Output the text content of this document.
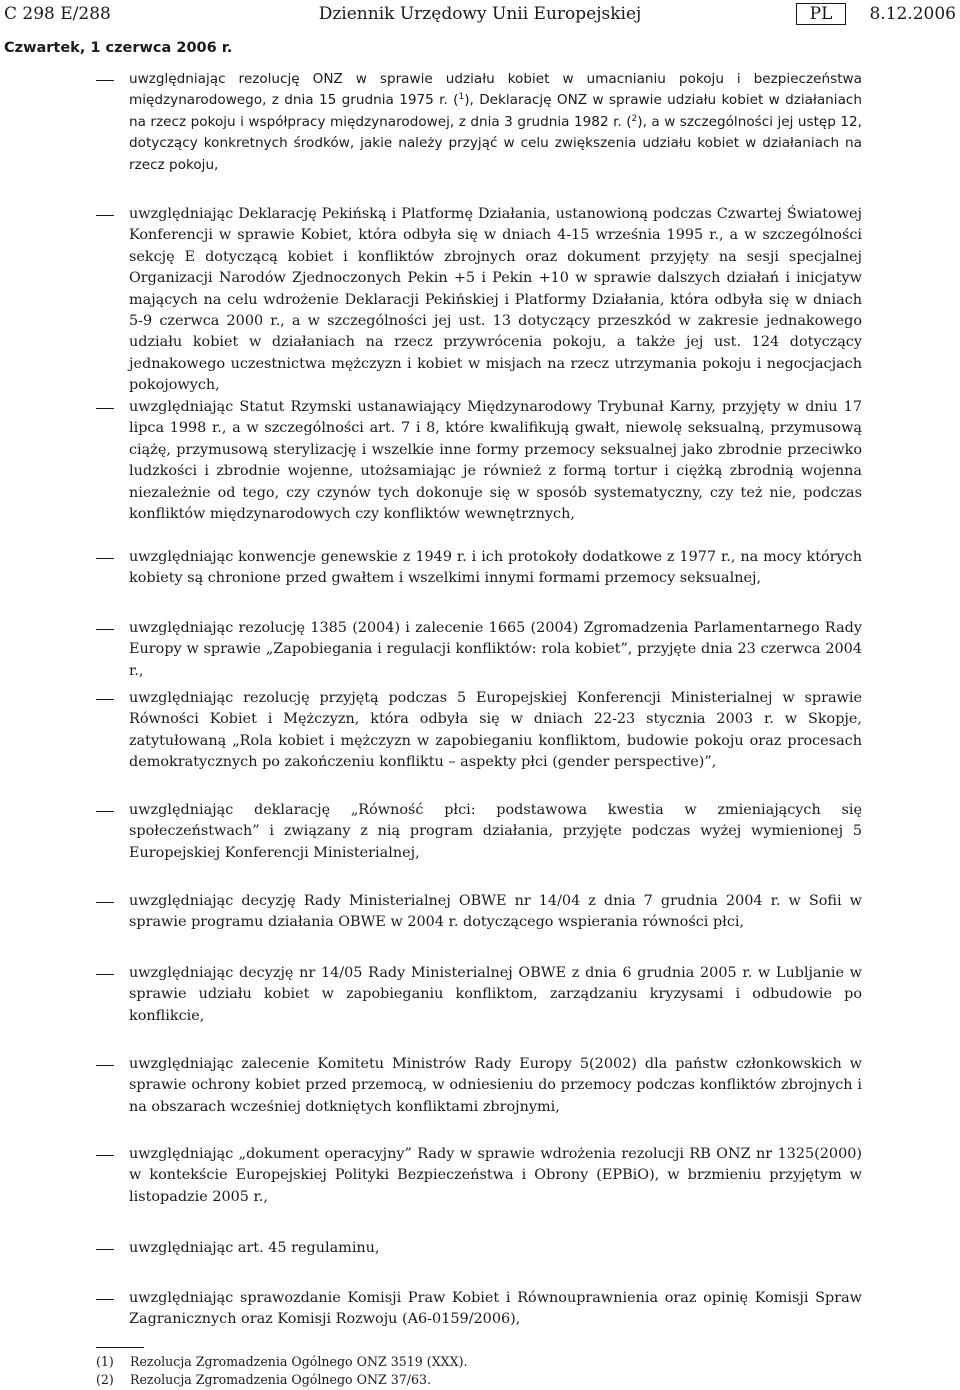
C 298 E/288	Dziennik Urzędowy Unii Europejskiej	PL	8.12.2006
Czwartek, 1 czerwca 2006 r.

uwzględniając rezolucję ONZ w sprawie udziału kobiet w umacnianiu pokoju i bezpieczeństwa międzynarodowego, z dnia 15 grudnia 1975 r. ($^1$), Deklarację ONZ w sprawie udziału kobiet w działaniach na rzecz pokoju i współpracy międzynarodowej, z dnia 3 grudnia 1982 r. ($^2$), a w szczególności jej ustęp 12, dotyczący konkretnych środków, jakie należy przyjąć w celu zwiększenia udziału kobiet w działaniach na rzecz pokoju,

uwzględniając Deklarację Pekińską i Platformę Działania, ustanowioną podczas Czwartej Światowej Konferencji w sprawie Kobiet, która odbyła się w dniach 4-15 września 1995 r., a w szczególności sekcję E dotyczącą kobiet i konfliktów zbrojnych oraz dokument przyjęty na sesji specjalnej Organizacji Narodów Zjednoczonych Pekin +5 i Pekin +10 w sprawie dalszych działań i inicjatyw mających na celu wdrożenie Deklaracji Pekińskiej i Platformy Działania, która odbyła się w dniach 5-9 czerwca 2000 r., a w szczególności jej ust. 13 dotyczący przeszkód w zakresie jednakowego udziału kobiet w działaniach na rzecz przywrócenia pokoju, a także jej ust. 124 dotyczący jednakowego uczestnictwa mężczyzn i kobiet w misjach na rzecz utrzymania pokoju i negocjacjach pokojowych,

uwzględniając Statut Rzymski ustanawiający Międzynarodowy Trybunał Karny, przyjęty w dniu 17 lipca 1998 r., a w szczególności art. 7 i 8, które kwalifikują gwałt, niewolę seksualną, przymusową ciążę, przymusową sterylizację i wszelkie inne formy przemocy seksualnej jako zbrodnie przeciwko ludzkości i zbrodnie wojenne, utożsamiając je również z formą tortur i ciężką zbrodnią wojenna niezależnie od tego, czy czynów tych dokonuje się w sposób systematyczny, czy też nie, podczas konfliktów międzynarodowych czy konfliktów wewnętrznych,

uwzględniając konwencje genewskie z 1949 r. i ich protokoły dodatkowe z 1977 r., na mocy których kobiety są chronione przed gwałtem i wszelkimi innymi formami przemocy seksualnej,

uwzględniając rezolucję 1385 (2004) i zalecenie 1665 (2004) Zgromadzenia Parlamentarnego Rady Europy w sprawie „Zapobiegania i regulacji konfliktów: rola kobiet”, przyjęte dnia 23 czerwca 2004 r.,

uwzględniając rezolucję przyjętą podczas 5 Europejskiej Konferencji Ministerialnej w sprawie Równości Kobiet i Mężczyzn, która odbyła się w dniach 22-23 stycznia 2003 r. w Skopje, zatytułowaną „Rola kobiet i mężczyzn w zapobieganiu konfliktom, budowie pokoju oraz procesach demokratycznych po zakończeniu konfliktu – aspekty płci (gender perspective)”,

uwzględniając deklarację „Równość płci: podstawowa kwestia w zmieniających się społeczeństwach” i związany z nią program działania, przyjęte podczas wyżej wymienionej 5 Europejskiej Konferencji Ministerialnej,

uwzględniając decyzję Rady Ministerialnej OBWE nr 14/04 z dnia 7 grudnia 2004 r. w Sofii w sprawie programu działania OBWE w 2004 r. dotyczącego wspierania równości płci,

uwzględniając decyzję nr 14/05 Rady Ministerialnej OBWE z dnia 6 grudnia 2005 r. w Lubljanie w sprawie udziału kobiet w zapobieganiu konfliktom, zarządzaniu kryzysami i odbudowie po konflikcie,

uwzględniając zalecenie Komitetu Ministrów Rady Europy 5(2002) dla państw członkowskich w sprawie ochrony kobiet przed przemocą, w odniesieniu do przemocy podczas konfliktów zbrojnych i na obszarach wcześniej dotkniętych konfliktami zbrojnymi,

uwzględniając „dokument operacyjny” Rady w sprawie wdrożenia rezolucji RB ONZ nr 1325(2000) w kontekście Europejskiej Polityki Bezpieczeństwa i Obrony (EPBiO), w brzmieniu przyjętym w listopadzie 2005 r.,

uwzględniając art. 45 regulaminu,

uwzględniając sprawozdanie Komisji Praw Kobiet i Równouprawnienia oraz opinię Komisji Spraw Zagranicznych oraz Komisji Rozwoju (A6-0159/2006),

(1) Rezolucja Zgromadzenia Ogólnego ONZ 3519 (XXX).
(2) Rezolucja Zgromadzenia Ogólnego ONZ 37/63.
